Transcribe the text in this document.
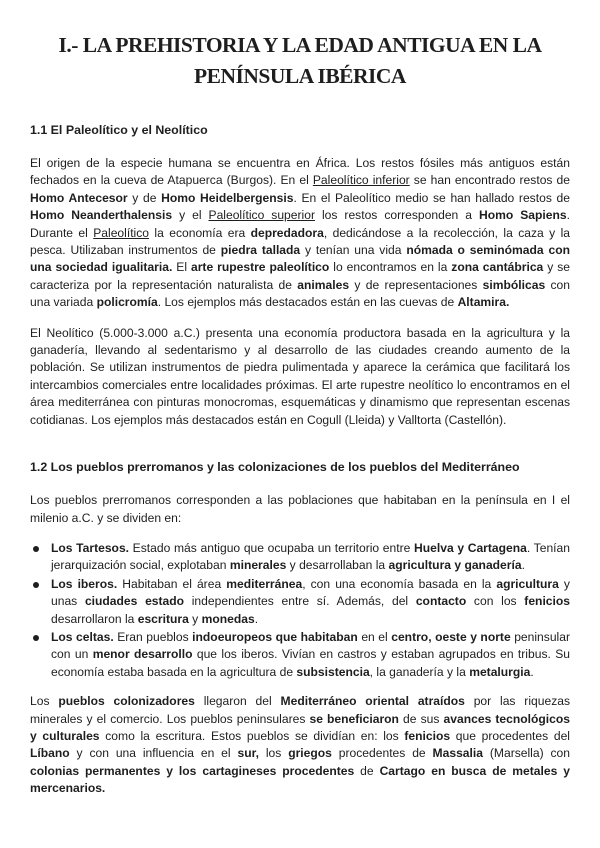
I.- LA PREHISTORIA Y LA EDAD ANTIGUA EN LA PENÍNSULA IBÉRICA
1.1 El Paleolítico y el Neolítico
El origen de la especie humana se encuentra en África. Los restos fósiles más antiguos están fechados en la cueva de Atapuerca (Burgos). En el Paleolítico inferior se han encontrado restos de Homo Antecesor y de Homo Heidelbergensis. En el Paleolítico medio se han hallado restos de Homo Neanderthalensis y el Paleolítico superior los restos corresponden a Homo Sapiens. Durante el Paleolítico la economía era depredadora, dedicándose a la recolección, la caza y la pesca. Utilizaban instrumentos de piedra tallada y tenían una vida nómada o seminómada con una sociedad igualitaria. El arte rupestre paleolítico lo encontramos en la zona cantábrica y se caracteriza por la representación naturalista de animales y de representaciones simbólicas con una variada policromía. Los ejemplos más destacados están en las cuevas de Altamira.
El Neolítico (5.000-3.000 a.C.) presenta una economía productora basada en la agricultura y la ganadería, llevando al sedentarismo y al desarrollo de las ciudades creando aumento de la población. Se utilizan instrumentos de piedra pulimentada y aparece la cerámica que facilitará los intercambios comerciales entre localidades próximas. El arte rupestre neolítico lo encontramos en el área mediterránea con pinturas monocromas, esquemáticas y dinamismo que representan escenas cotidianas. Los ejemplos más destacados están en Cogull (Lleida) y Valltorta (Castellón).
1.2 Los pueblos prerromanos y las colonizaciones de los pueblos del Mediterráneo
Los pueblos prerromanos corresponden a las poblaciones que habitaban en la península en I el milenio a.C. y se dividen en:
Los Tartesos. Estado más antiguo que ocupaba un territorio entre Huelva y Cartagena. Tenían jerarquización social, explotaban minerales y desarrollaban la agricultura y ganadería.
Los iberos. Habitaban el área mediterránea, con una economía basada en la agricultura y unas ciudades estado independientes entre sí. Además, del contacto con los fenicios desarrollaron la escritura y monedas.
Los celtas. Eran pueblos indoeuropeos que habitaban en el centro, oeste y norte peninsular con un menor desarrollo que los iberos. Vivían en castros y estaban agrupados en tribus. Su economía estaba basada en la agricultura de subsistencia, la ganadería y la metalurgia.
Los pueblos colonizadores llegaron del Mediterráneo oriental atraídos por las riquezas minerales y el comercio. Los pueblos peninsulares se beneficiaron de sus avances tecnológicos y culturales como la escritura. Estos pueblos se dividían en: los fenicios que procedentes del Líbano y con una influencia en el sur, los griegos procedentes de Massalia (Marsella) con colonias permanentes y los cartagineses procedentes de Cartago en busca de metales y mercenarios.
